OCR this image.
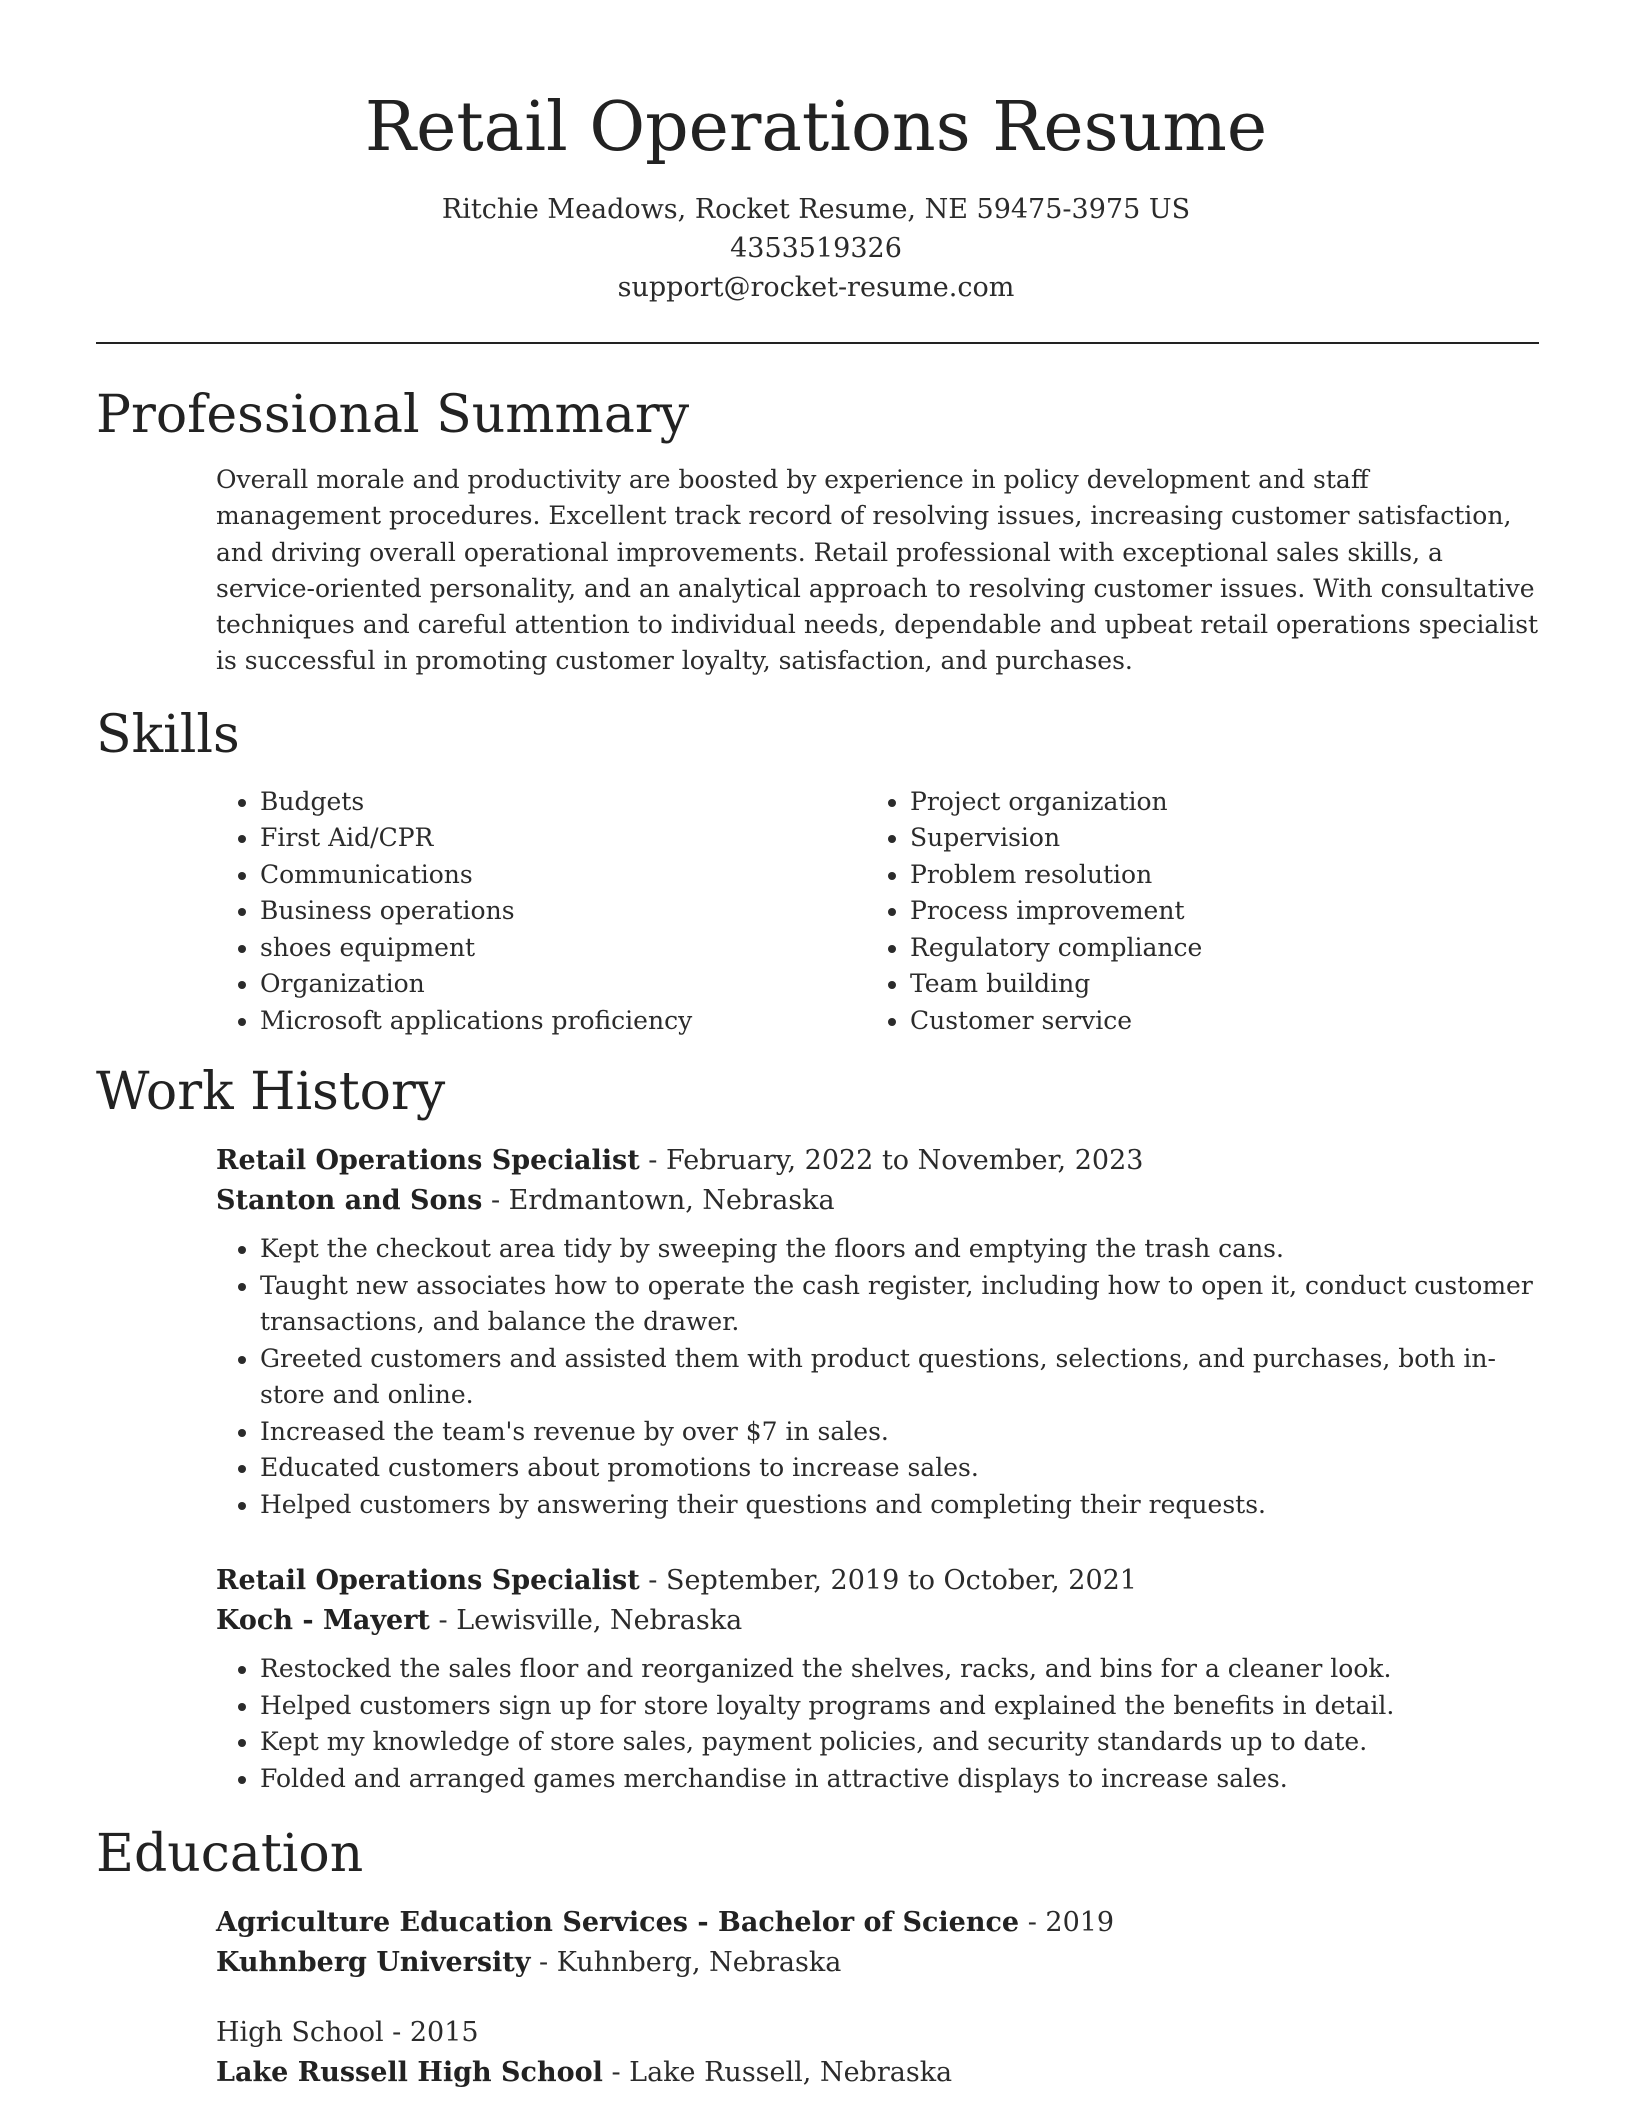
Retail Operations Resume
Ritchie Meadows, Rocket Resume, NE 59475-3975 US
4353519326
support@rocket-resume.com
Professional Summary

Overall morale and productivity are boosted by experience in policy development and staff management procedures. Excellent track record of resolving issues, increasing customer satisfaction, and driving overall operational improvements. Retail professional with exceptional sales skills, a service-oriented personality, and an analytical approach to resolving customer issues. With consultative techniques and careful attention to individual needs, dependable and upbeat retail operations specialist is successful in promoting customer loyalty, satisfaction, and purchases.

Skills
• Budgets
• First Aid/CPR
• Communications
• Business operations
• shoes equipment
• Organization
• Microsoft applications proficiency
• Project organization
• Supervision
• Problem resolution
• Process improvement
• Regulatory compliance
• Team building
• Customer service
Work History
Retail Operations Specialist - February, 2022 to November, 2023
Stanton and Sons - Erdmantown, Nebraska
• Kept the checkout area tidy by sweeping the floors and emptying the trash cans.
• Taught new associates how to operate the cash register, including how to open it, conduct customer transactions, and balance the drawer.
• Greeted customers and assisted them with product questions, selections, and purchases, both in-store and online.
• Increased the team's revenue by over $7 in sales.
• Educated customers about promotions to increase sales.
• Helped customers by answering their questions and completing their requests.
Retail Operations Specialist - September, 2019 to October, 2021
Koch - Mayert - Lewisville, Nebraska
• Restocked the sales floor and reorganized the shelves, racks, and bins for a cleaner look.
• Helped customers sign up for store loyalty programs and explained the benefits in detail.
• Kept my knowledge of store sales, payment policies, and security standards up to date.
• Folded and arranged games merchandise in attractive displays to increase sales.
Education
Agriculture Education Services - Bachelor of Science - 2019
Kuhnberg University - Kuhnberg, Nebraska
High School - 2015
Lake Russell High School - Lake Russell, Nebraska
